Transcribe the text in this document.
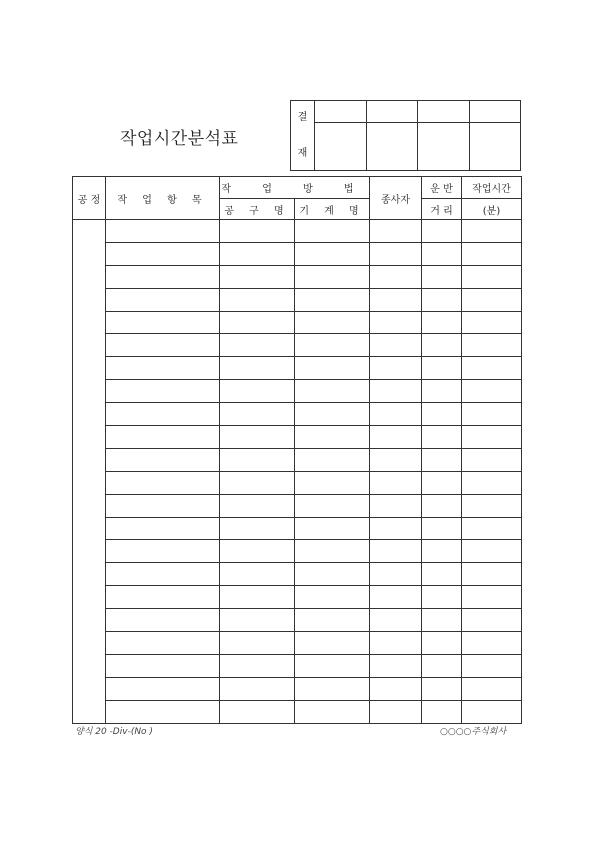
작업시간분석표
결
재				

공 정	작 업 항 목	작 업 방 법		종사자	운 반	작업시간
		공 구 명	기 계 명		거 리	(분)

양식 20 -Div-(No )	○○○○주식회사
